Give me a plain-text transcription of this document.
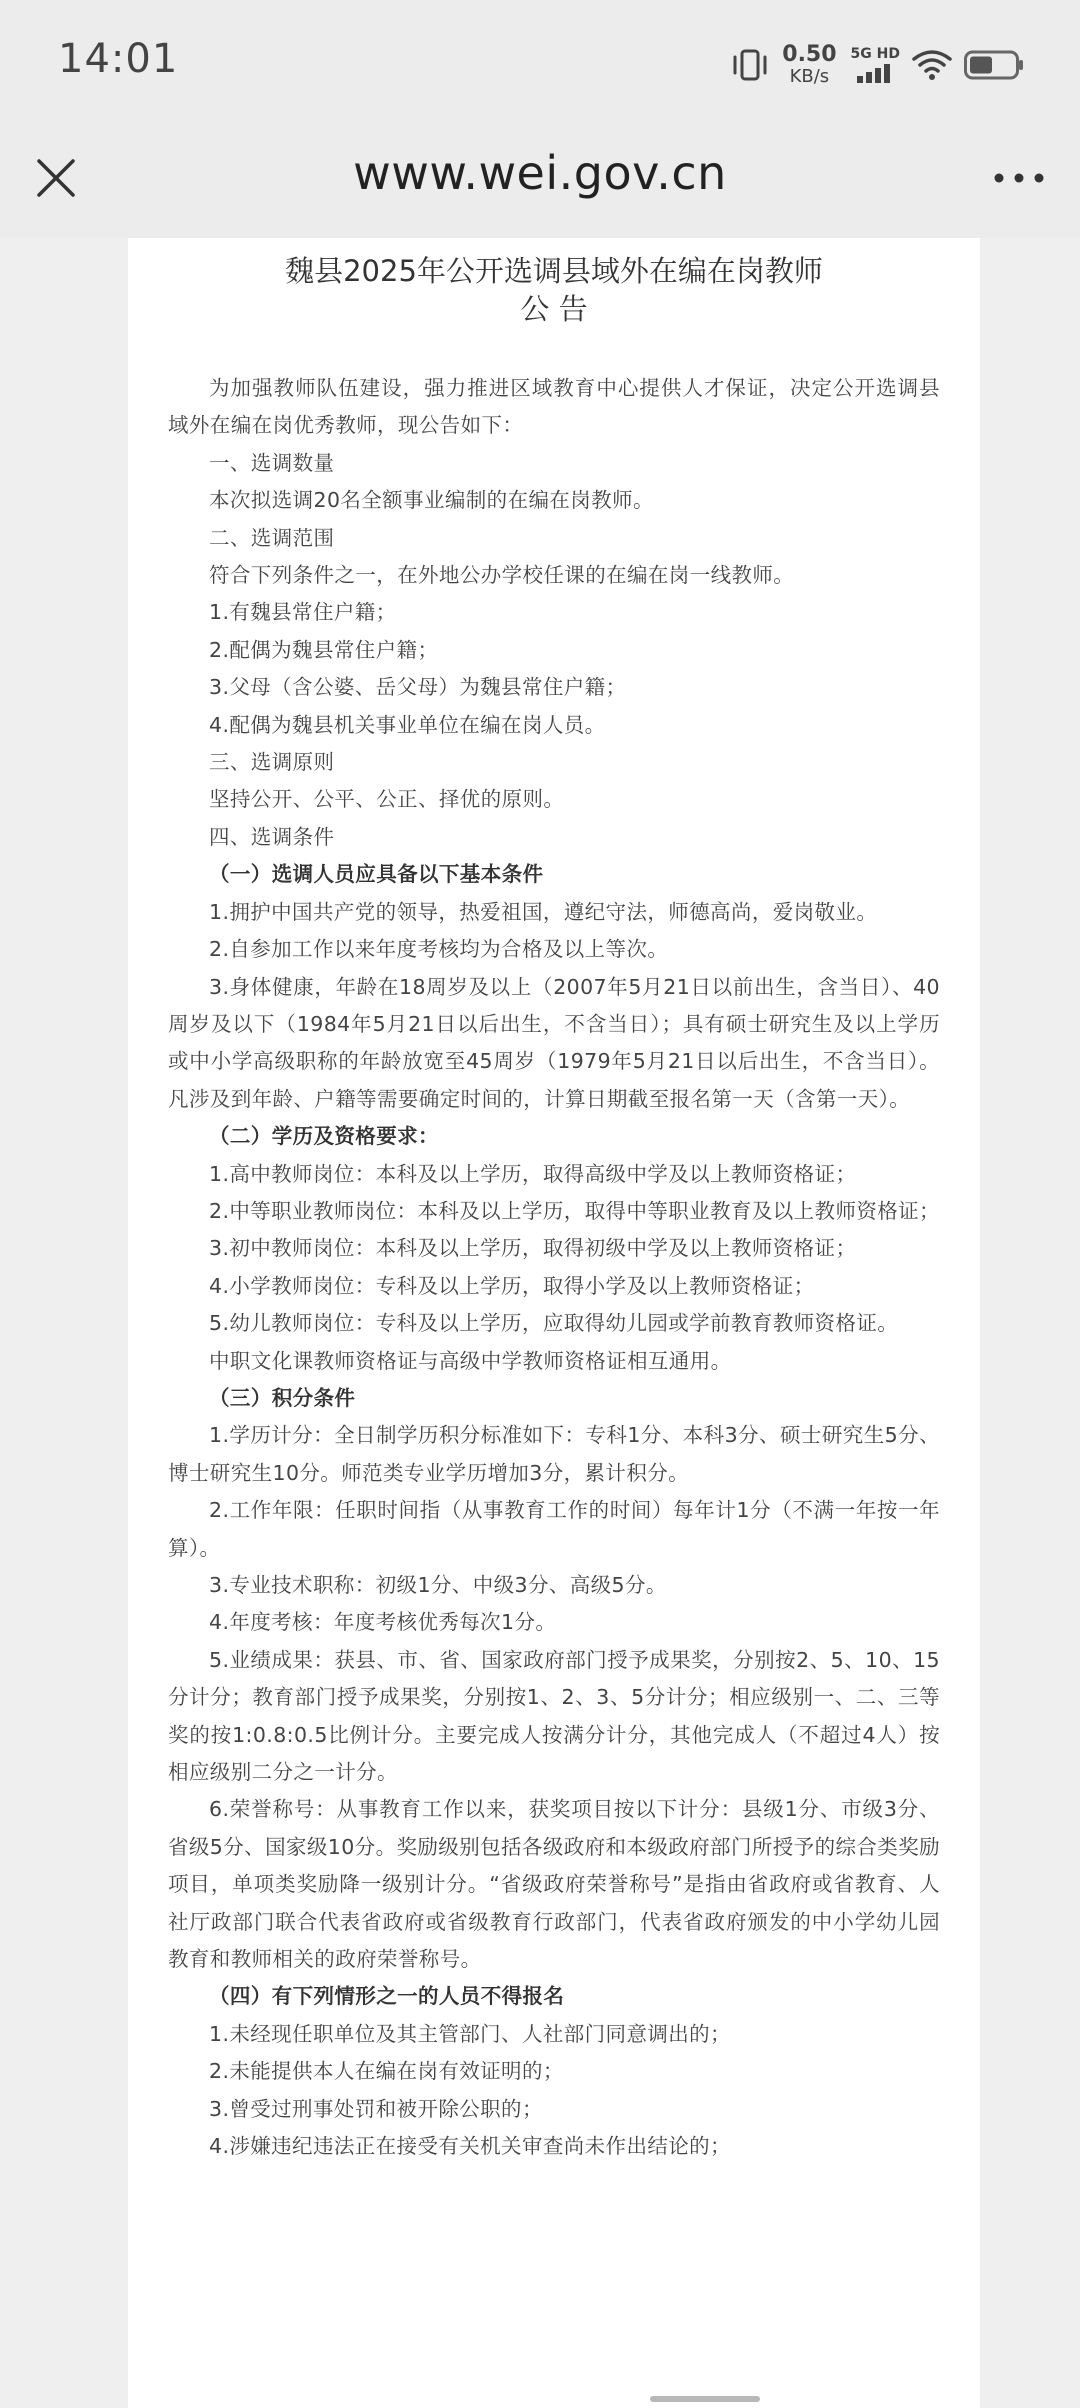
14:01	0.50
KB/s
5G HD
www.wei.gov.cn
魏县2025年公开选调县域外在编在岗教师
公 告

为加强教师队伍建设，强力推进区域教育中心提供人才保证，决定公开选调县域外在编在岗优秀教师，现公告如下：

一、选调数量

本次拟选调20名全额事业编制的在编在岗教师。

二、选调范围

符合下列条件之一，在外地公办学校任课的在编在岗一线教师。

1.有魏县常住户籍；

2.配偶为魏县常住户籍；

3.父母（含公婆、岳父母）为魏县常住户籍；

4.配偶为魏县机关事业单位在编在岗人员。

三、选调原则

坚持公开、公平、公正、择优的原则。

四、选调条件

（一）选调人员应具备以下基本条件

1.拥护中国共产党的领导，热爱祖国，遵纪守法，师德高尚，爱岗敬业。

2.自参加工作以来年度考核均为合格及以上等次。

3.身体健康，年龄在18周岁及以上（2007年5月21日以前出生，含当日）、40周岁及以下（1984年5月21日以后出生，不含当日）；具有硕士研究生及以上学历或中小学高级职称的年龄放宽至45周岁（1979年5月21日以后出生，不含当日）。凡涉及到年龄、户籍等需要确定时间的，计算日期截至报名第一天（含第一天）。

（二）学历及资格要求：

1.高中教师岗位：本科及以上学历，取得高级中学及以上教师资格证；

2.中等职业教师岗位：本科及以上学历，取得中等职业教育及以上教师资格证；

3.初中教师岗位：本科及以上学历，取得初级中学及以上教师资格证；

4.小学教师岗位：专科及以上学历，取得小学及以上教师资格证；

5.幼儿教师岗位：专科及以上学历，应取得幼儿园或学前教育教师资格证。

中职文化课教师资格证与高级中学教师资格证相互通用。

（三）积分条件

1.学历计分：全日制学历积分标准如下：专科1分、本科3分、硕士研究生5分、博士研究生10分。师范类专业学历增加3分，累计积分。

2.工作年限：任职时间指（从事教育工作的时间）每年计1分（不满一年按一年算）。

3.专业技术职称：初级1分、中级3分、高级5分。

4.年度考核：年度考核优秀每次1分。

5.业绩成果：获县、市、省、国家政府部门授予成果奖，分别按2、5、10、15分计分；教育部门授予成果奖，分别按1、2、3、5分计分；相应级别一、二、三等奖的按1:0.8:0.5比例计分。主要完成人按满分计分，其他完成人（不超过4人）按相应级别二分之一计分。

6.荣誉称号：从事教育工作以来，获奖项目按以下计分：县级1分、市级3分、省级5分、国家级10分。奖励级别包括各级政府和本级政府部门所授予的综合类奖励项目，单项类奖励降一级别计分。“省级政府荣誉称号”是指由省政府或省教育、人社厅政部门联合代表省政府或省级教育行政部门，代表省政府颁发的中小学幼儿园教育和教师相关的政府荣誉称号。

（四）有下列情形之一的人员不得报名

1.未经现任职单位及其主管部门、人社部门同意调出的；

2.未能提供本人在编在岗有效证明的；

3.曾受过刑事处罚和被开除公职的；

4.涉嫌违纪违法正在接受有关机关审查尚未作出结论的；
